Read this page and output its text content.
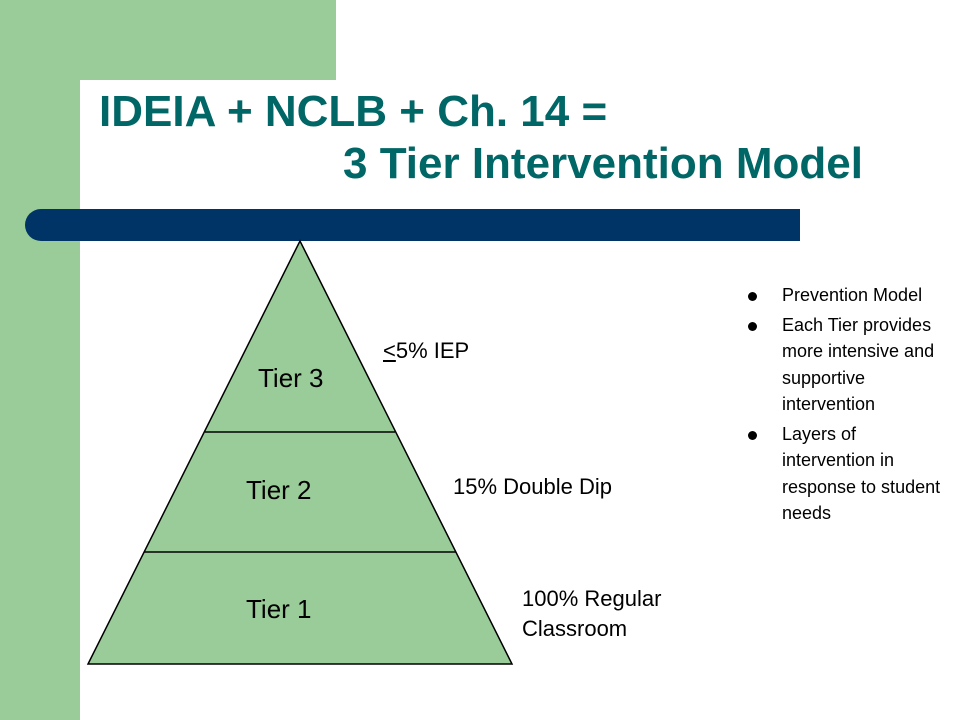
IDEIA + NCLB + Ch. 14 =
3 Tier Intervention Model
Tier 3
Tier 2
Tier 1
<5% IEP
15% Double Dip
100% Regular
Classroom
Prevention Model
Each Tier provides more intensive and supportive intervention
Layers of intervention in response to student needs
